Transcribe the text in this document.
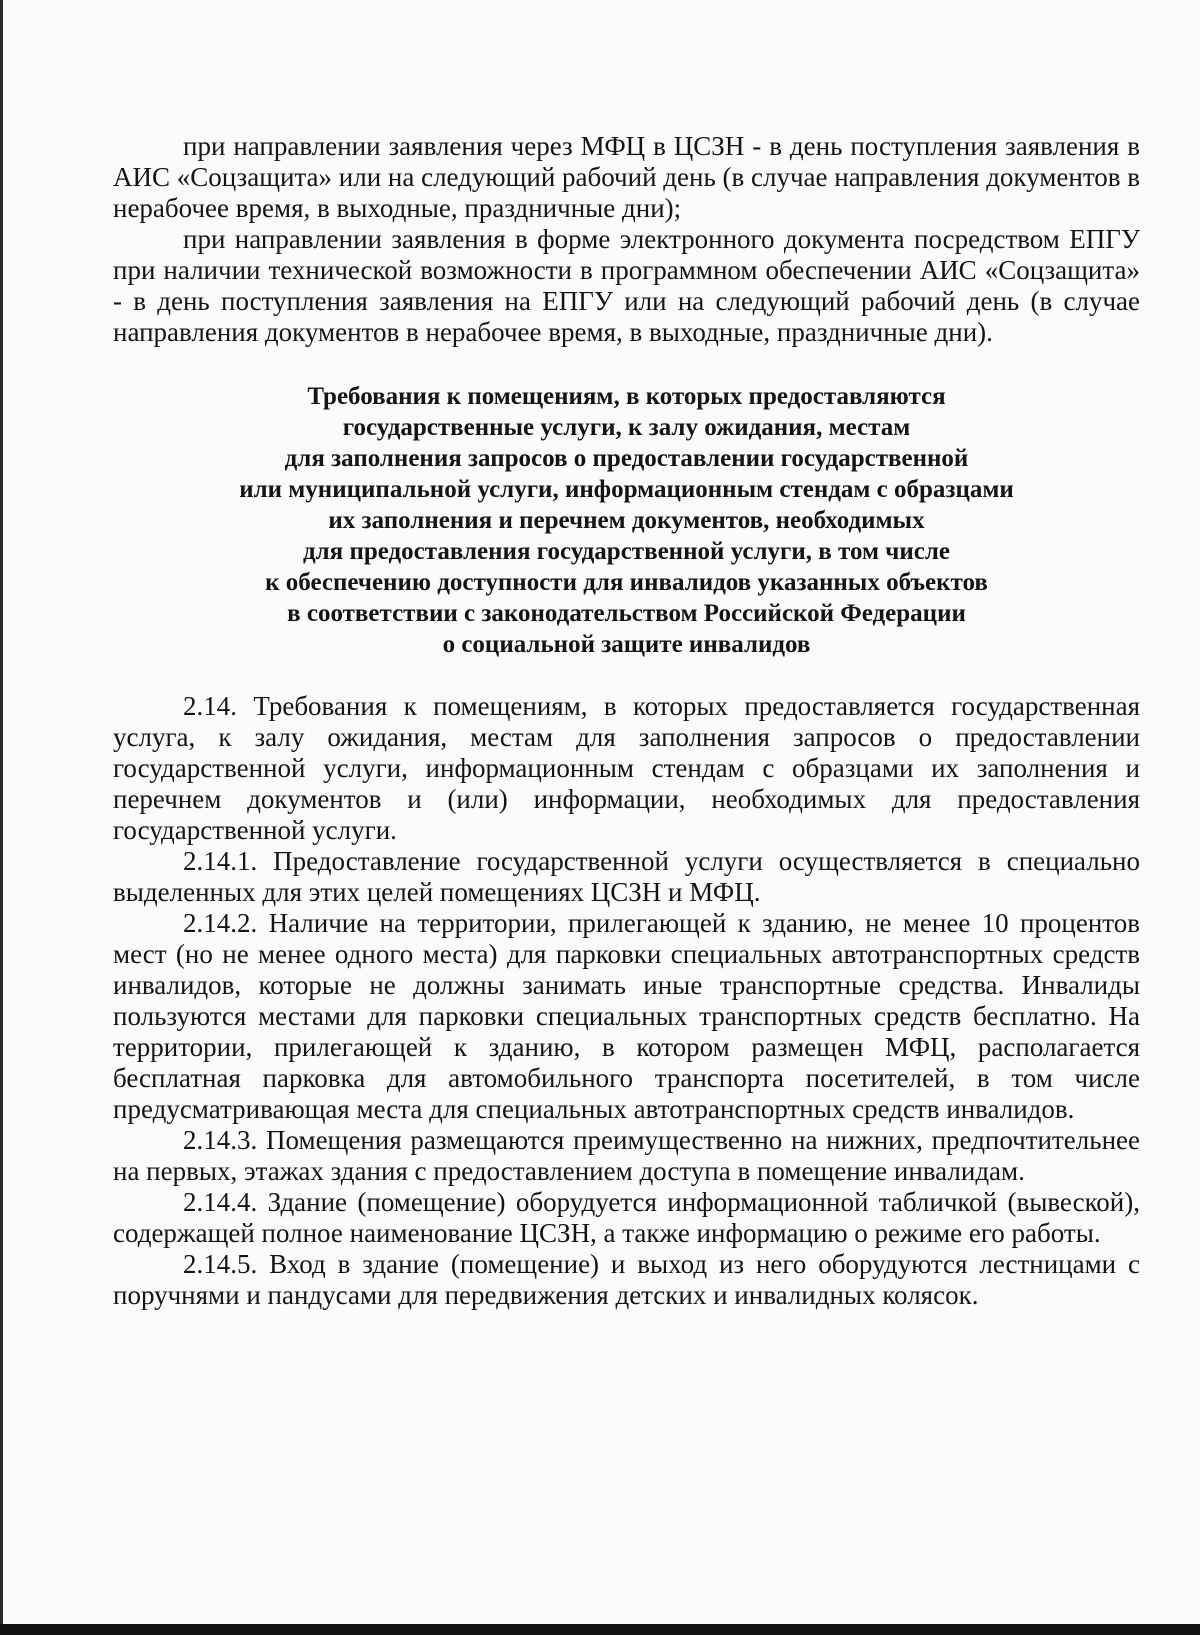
при направлении заявления через МФЦ в ЦСЗН - в день поступления заявления в АИС «Соцзащита» или на следующий рабочий день (в случае направления документов в нерабочее время, в выходные, праздничные дни);

при направлении заявления в форме электронного документа посредством ЕПГУ при наличии технической возможности в программном обеспечении АИС «Соцзащита» - в день поступления заявления на ЕПГУ или на следующий рабочий день (в случае направления документов в нерабочее время, в выходные, праздничные дни).

Требования к помещениям, в которых предоставляются
государственные услуги, к залу ожидания, местам
для заполнения запросов о предоставлении государственной
или муниципальной услуги, информационным стендам с образцами
их заполнения и перечнем документов, необходимых
для предоставления государственной услуги, в том числе
к обеспечению доступности для инвалидов указанных объектов
в соответствии с законодательством Российской Федерации
о социальной защите инвалидов

2.14. Требования к помещениям, в которых предоставляется государственная услуга, к залу ожидания, местам для заполнения запросов о предоставлении государственной услуги, информационным стендам с образцами их заполнения и перечнем документов и (или) информации, необходимых для предоставления государственной услуги.

2.14.1. Предоставление государственной услуги осуществляется в специально выделенных для этих целей помещениях ЦСЗН и МФЦ.

2.14.2. Наличие на территории, прилегающей к зданию, не менее 10 процентов мест (но не менее одного места) для парковки специальных автотранспортных средств инвалидов, которые не должны занимать иные транспортные средства. Инвалиды пользуются местами для парковки специальных транспортных средств бесплатно. На территории, прилегающей к зданию, в котором размещен МФЦ, располагается бесплатная парковка для автомобильного транспорта посетителей, в том числе предусматривающая места для специальных автотранспортных средств инвалидов.

2.14.3. Помещения размещаются преимущественно на нижних, предпочтительнее на первых, этажах здания с предоставлением доступа в помещение инвалидам.

2.14.4. Здание (помещение) оборудуется информационной табличкой (вывеской), содержащей полное наименование ЦСЗН, а также информацию о режиме его работы.

2.14.5. Вход в здание (помещение) и выход из него оборудуются лестницами с поручнями и пандусами для передвижения детских и инвалидных колясок.
